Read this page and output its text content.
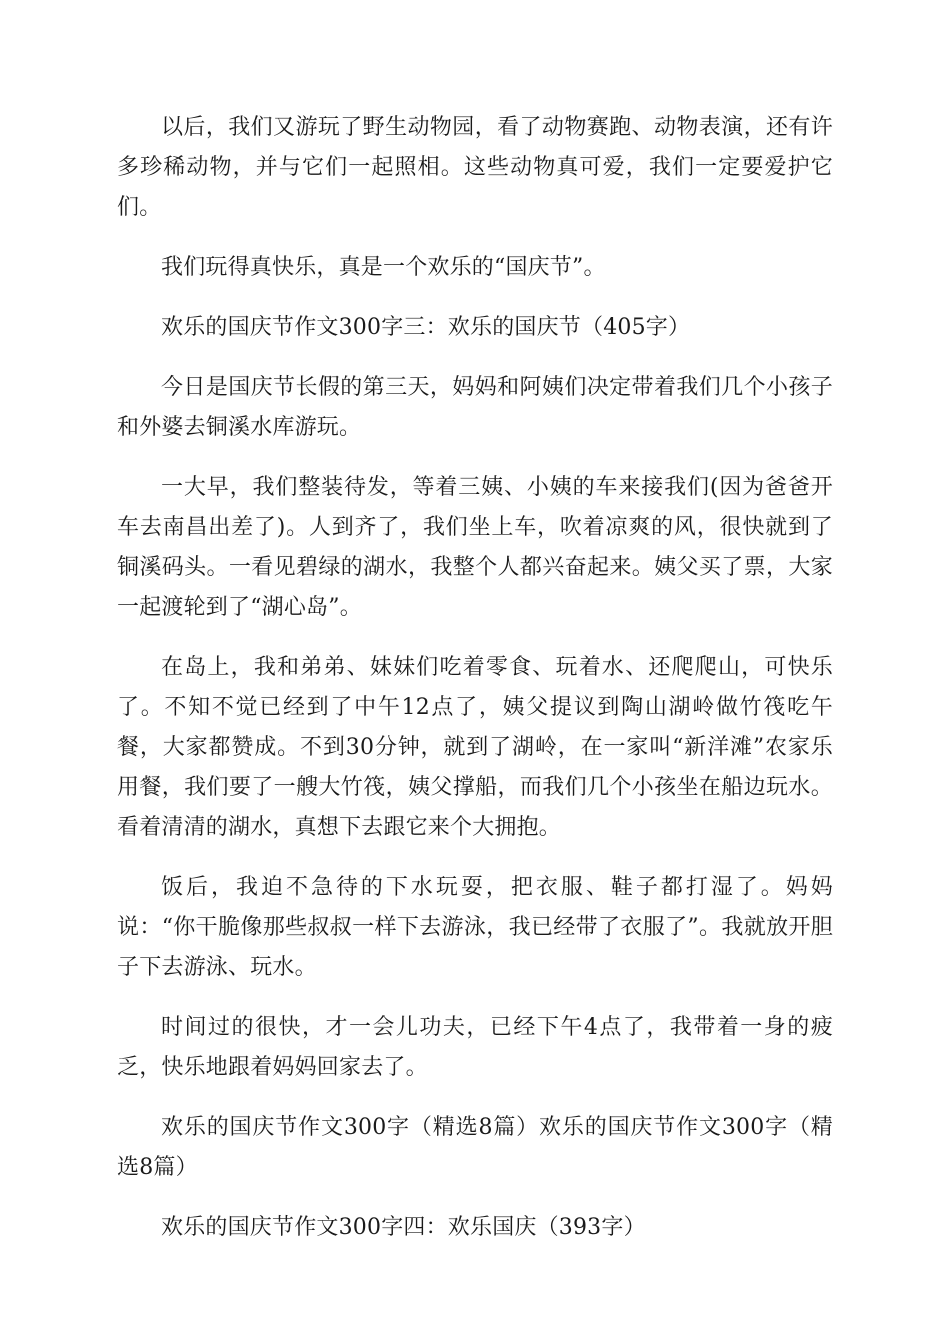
以后，我们又游玩了野生动物园，看了动物赛跑、动物表演，还有许多珍稀动物，并与它们一起照相。这些动物真可爱，我们一定要爱护它们。

我们玩得真快乐，真是一个欢乐的“国庆节”。

欢乐的国庆节作文300字三：欢乐的国庆节（405字）

今日是国庆节长假的第三天，妈妈和阿姨们决定带着我们几个小孩子和外婆去铜溪水库游玩。

一大早，我们整装待发，等着三姨、小姨的车来接我们(因为爸爸开车去南昌出差了)。人到齐了，我们坐上车，吹着凉爽的风，很快就到了铜溪码头。一看见碧绿的湖水，我整个人都兴奋起来。姨父买了票，大家一起渡轮到了“湖心岛”。

在岛上，我和弟弟、妹妹们吃着零食、玩着水、还爬爬山，可快乐了。不知不觉已经到了中午12点了，姨父提议到陶山湖岭做竹筏吃午餐，大家都赞成。不到30分钟，就到了湖岭，在一家叫“新洋滩”农家乐用餐，我们要了一艘大竹筏，姨父撑船，而我们几个小孩坐在船边玩水。看着清清的湖水，真想下去跟它来个大拥抱。

饭后，我迫不急待的下水玩耍，把衣服、鞋子都打湿了。妈妈说：“你干脆像那些叔叔一样下去游泳，我已经带了衣服了”。我就放开胆子下去游泳、玩水。

时间过的很快，才一会儿功夫，已经下午4点了，我带着一身的疲乏，快乐地跟着妈妈回家去了。

欢乐的国庆节作文300字（精选8篇）欢乐的国庆节作文300字（精选8篇）

欢乐的国庆节作文300字四：欢乐国庆（393字）
